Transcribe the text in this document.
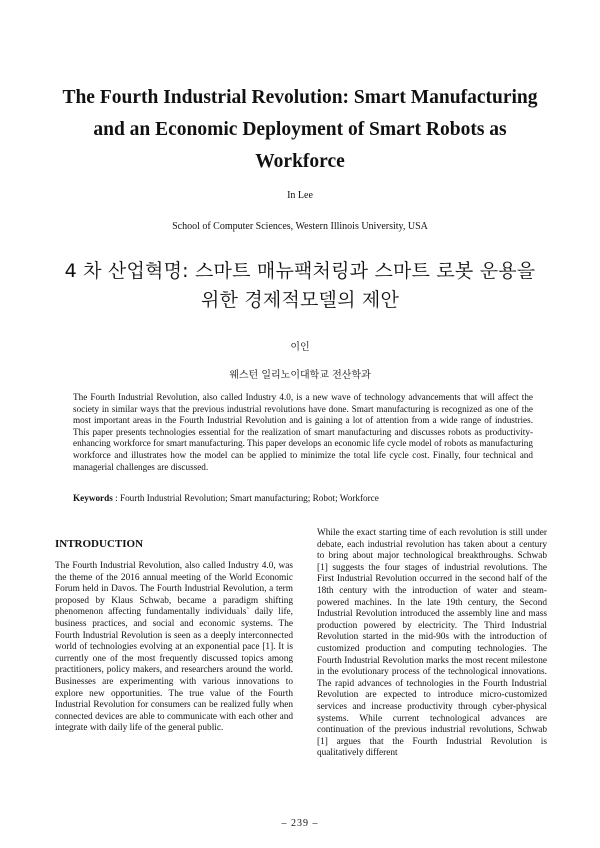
The Fourth Industrial Revolution: Smart Manufacturing
and an Economic Deployment of Smart Robots as
Workforce
In Lee
School of Computer Sciences, Western Illinois University, USA
4 차 산업혁명: 스마트 매뉴팩처링과 스마트 로봇 운용을
위한 경제적모델의 제안
이인
웨스턴 일리노이대학교 전산학과
The Fourth Industrial Revolution, also called Industry 4.0, is a new wave of technology advancements that will affect the society in similar ways that the previous industrial revolutions have done. Smart manufacturing is recognized as one of the most important areas in the Fourth Industrial Revolution and is gaining a lot of attention from a wide range of industries. This paper presents technologies essential for the realization of smart manufacturing and discusses robots as productivity-enhancing workforce for smart manufacturing. This paper develops an economic life cycle model of robots as manufacturing workforce and illustrates how the model can be applied to minimize the total life cycle cost. Finally, four technical and managerial challenges are discussed.
Keywords : Fourth Industrial Revolution; Smart manufacturing; Robot; Workforce
INTRODUCTION

The Fourth Industrial Revolution, also called Industry 4.0, was the theme of the 2016 annual meeting of the World Economic Forum held in Davos. The Fourth Industrial Revolution, a term proposed by Klaus Schwab, became a paradigm shifting phenomenon affecting fundamentally individuals` daily life, business practices, and social and economic systems. The Fourth Industrial Revolution is seen as a deeply interconnected world of technologies evolving at an exponential pace [1]. It is currently one of the most frequently discussed topics among practitioners, policy makers, and researchers around the world. Businesses are experimenting with various innovations to explore new opportunities. The true value of the Fourth Industrial Revolution for consumers can be realized fully when connected devices are able to communicate with each other and integrate with daily life of the general public.

While the exact starting time of each revolution is still under debate, each industrial revolution has taken about a century to bring about major technological breakthroughs. Schwab [1] suggests the four stages of industrial revolutions. The First Industrial Revolution occurred in the second half of the 18th century with the introduction of water and steam-powered machines. In the late 19th century, the Second Industrial Revolution introduced the assembly line and mass production powered by electricity. The Third Industrial Revolution started in the mid-90s with the introduction of customized production and computing technologies. The Fourth Industrial Revolution marks the most recent milestone in the evolutionary process of the technological innovations. The rapid advances of technologies in the Fourth Industrial Revolution are expected to introduce micro-customized services and increase productivity through cyber-physical systems. While current technological advances are continuation of the previous industrial revolutions, Schwab [1] argues that the Fourth Industrial Revolution is qualitatively different

– 239 –
